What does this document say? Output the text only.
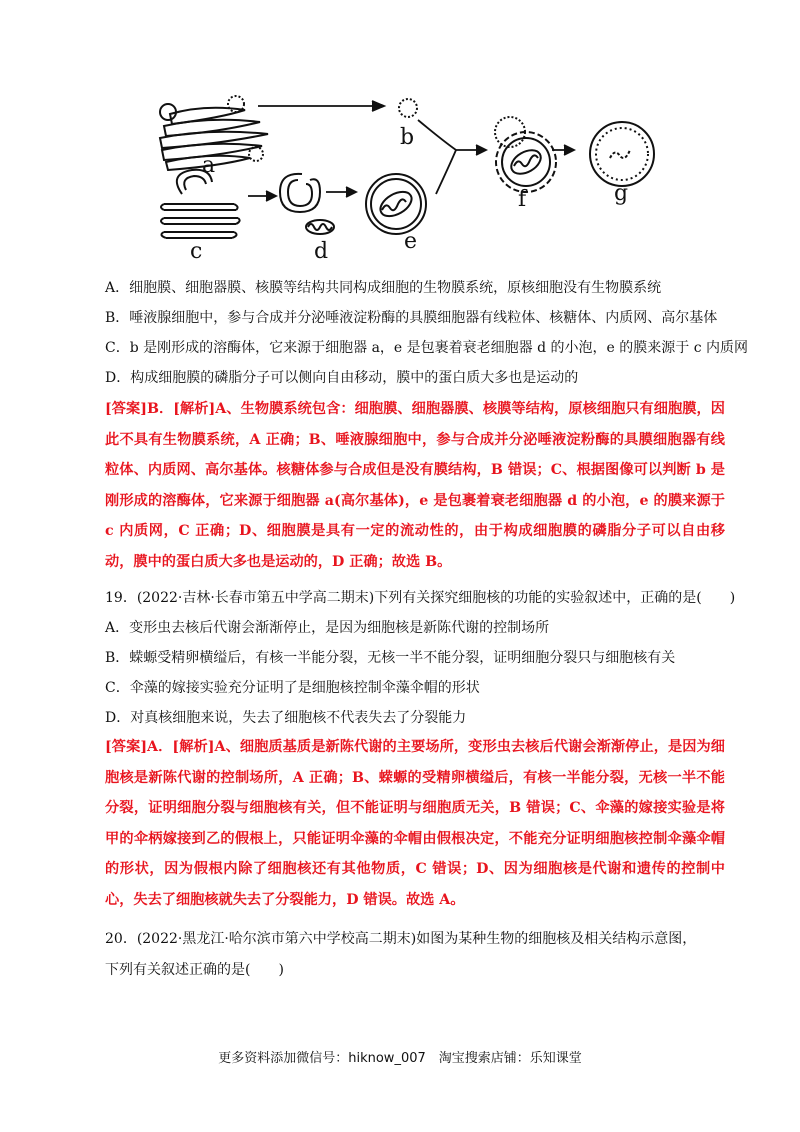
a
b
c	d	e
f	g
A．细胞膜、细胞器膜、核膜等结构共同构成细胞的生物膜系统，原核细胞没有生物膜系统
B．唾液腺细胞中，参与合成并分泌唾液淀粉酶的具膜细胞器有线粒体、核糖体、内质网、高尔基体
C．b 是刚形成的溶酶体，它来源于细胞器 a，e 是包裹着衰老细胞器 d 的小泡，e 的膜来源于 c 内质网
D．构成细胞膜的磷脂分子可以侧向自由移动，膜中的蛋白质大多也是运动的
[答案]B．[解析]A、生物膜系统包含：细胞膜、细胞器膜、核膜等结构，原核细胞只有细胞膜，因此不具有生物膜系统，A 正确；B、唾液腺细胞中，参与合成并分泌唾液淀粉酶的具膜细胞器有线粒体、内质网、高尔基体。核糖体参与合成但是没有膜结构，B 错误；C、根据图像可以判断 b 是刚形成的溶酶体，它来源于细胞器 a(高尔基体)，e 是包裹着衰老细胞器 d 的小泡，e 的膜来源于 c 内质网，C 正确；D、细胞膜是具有一定的流动性的，由于构成细胞膜的磷脂分子可以自由移动，膜中的蛋白质大多也是运动的，D 正确；故选 B。
19．(2022·吉林·长春市第五中学高二期末)下列有关探究细胞核的功能的实验叙述中，正确的是(　　)
A．变形虫去核后代谢会渐渐停止，是因为细胞核是新陈代谢的控制场所
B．蝾螈受精卵横缢后，有核一半能分裂，无核一半不能分裂，证明细胞分裂只与细胞核有关
C．伞藻的嫁接实验充分证明了是细胞核控制伞藻伞帽的形状
D．对真核细胞来说，失去了细胞核不代表失去了分裂能力
[答案]A．[解析]A、细胞质基质是新陈代谢的主要场所，变形虫去核后代谢会渐渐停止，是因为细胞核是新陈代谢的控制场所，A 正确；B、蝾螈的受精卵横缢后，有核一半能分裂，无核一半不能分裂，证明细胞分裂与细胞核有关，但不能证明与细胞质无关，B 错误；C、伞藻的嫁接实验是将甲的伞柄嫁接到乙的假根上，只能证明伞藻的伞帽由假根决定，不能充分证明细胞核控制伞藻伞帽的形状，因为假根内除了细胞核还有其他物质，C 错误；D、因为细胞核是代谢和遗传的控制中心，失去了细胞核就失去了分裂能力，D 错误。故选 A。
20．(2022·黑龙江·哈尔滨市第六中学校高二期末)如图为某种生物的细胞核及相关结构示意图，下列有关叙述正确的是(　　)
更多资料添加微信号：hiknow_007　淘宝搜索店铺：乐知课堂
